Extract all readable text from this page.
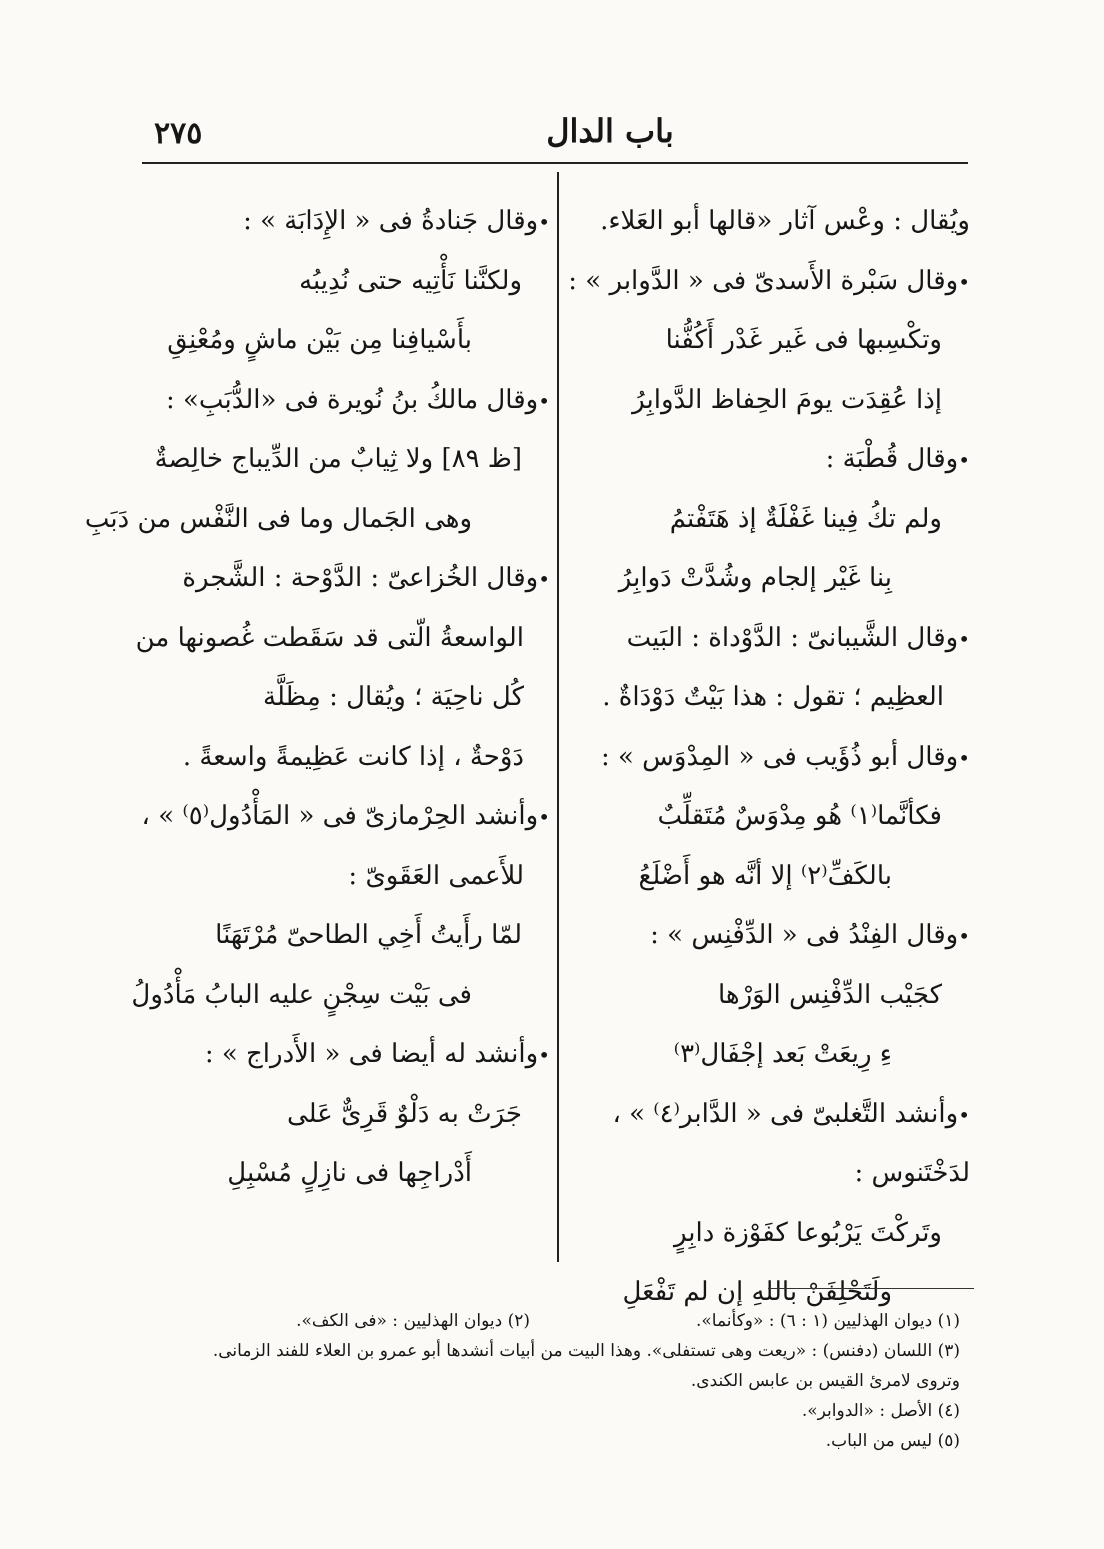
٢٧٥	باب الدال
ويُقال : وعْس آثار «قالها أبو العَلاء.
• وقال سَبْرة الأَسدىّ فى « الدَّوابر » :
وتكْسِبها فى غَير غَدْر أَكُفُّنا
إذا عُقِدَت يومَ الحِفاظ الدَّوابِرُ
• وقال قُطْبَة :
ولم تكُ فِينا غَفْلَةٌ إذ هَتَفْتمُ
بِنا غَيْر إلجام وشُدَّتْ دَوابِرُ
• وقال الشَّيبانىّ : الدَّوْداة : البَيت
العظِيم ؛ تقول : هذا بَيْتٌ دَوْدَاةٌ .
• وقال أبو ذُؤَيب فى « المِدْوَس » :
فكأنَّما⁽١⁾ هُو مِدْوَسٌ مُتَقلِّبٌ
بالكَفِّ⁽٢⁾ إلا أنَّه هو أَضْلَعُ
• وقال الفِنْدُ فى « الدِّفْنِس » :
كجَيْب الدِّفْنِس الوَرْها
ءِ رِيعَتْ بَعد إجْفَال⁽٣⁾
• وأنشد التَّغلبىّ فى « الدَّابر⁽٤⁾ » ،
لدَخْتَنوس :
وتَركْتَ يَرْبُوعا كفَوْزة دابِرٍ
ولَتَحْلِفَنْ باللهِ إن لم تَفْعَلِ
• وقال جَنادةُ فى « الإِدَابَة » :
ولكنَّنا نَأْتِيه حتى نُدِيبُه
بأَسْيافِنا مِن بَيْن ماشٍ ومُعْنِقِ
• وقال مالكُ بنُ نُويرة فى «الدُّبَبِ» :
[ظ ٨٩] ولا ثِيابٌ من الدِّيباج خالِصةٌ
وهى الجَمال وما فى النَّفْس من دَبَبِ
• وقال الخُزاعىّ : الدَّوْحة : الشَّجرة
الواسعةُ الّتى قد سَقَطت غُصونها من
كُل ناحِيَة ؛ ويُقال : مِظَلَّة
دَوْحةٌ ، إذا كانت عَظِيمةً واسعةً .
• وأنشد الحِرْمازىّ فى « المَأْدُول⁽٥⁾ » ،
للأَعمى العَقَوىّ :
لمّا رأَيتُ أَخِي الطاحىّ مُرْتَهَنًا
فى بَيْت سِجْنٍ عليه البابُ مَأْدُولُ
• وأنشد له أيضا فى « الأَدراج » :
جَرَتْ به دَلْوٌ قَرِىٌّ عَلى
أَدْراجِها فى نازِلٍ مُسْبِلِ
(١) ديوان الهذليين (١ : ٦) : «وكأنما».
(٢) ديوان الهذليين : «فى الكف».
(٣) اللسان (دفنس) : «ريعت وهى تستفلى». وهذا البيت من أبيات أنشدها أبو عمرو بن العلاء للفند الزمانى.
وتروى لامرئ القيس بن عابس الكندى.
(٤) الأصل : «الدوابر».
(٥) ليس من الباب.
